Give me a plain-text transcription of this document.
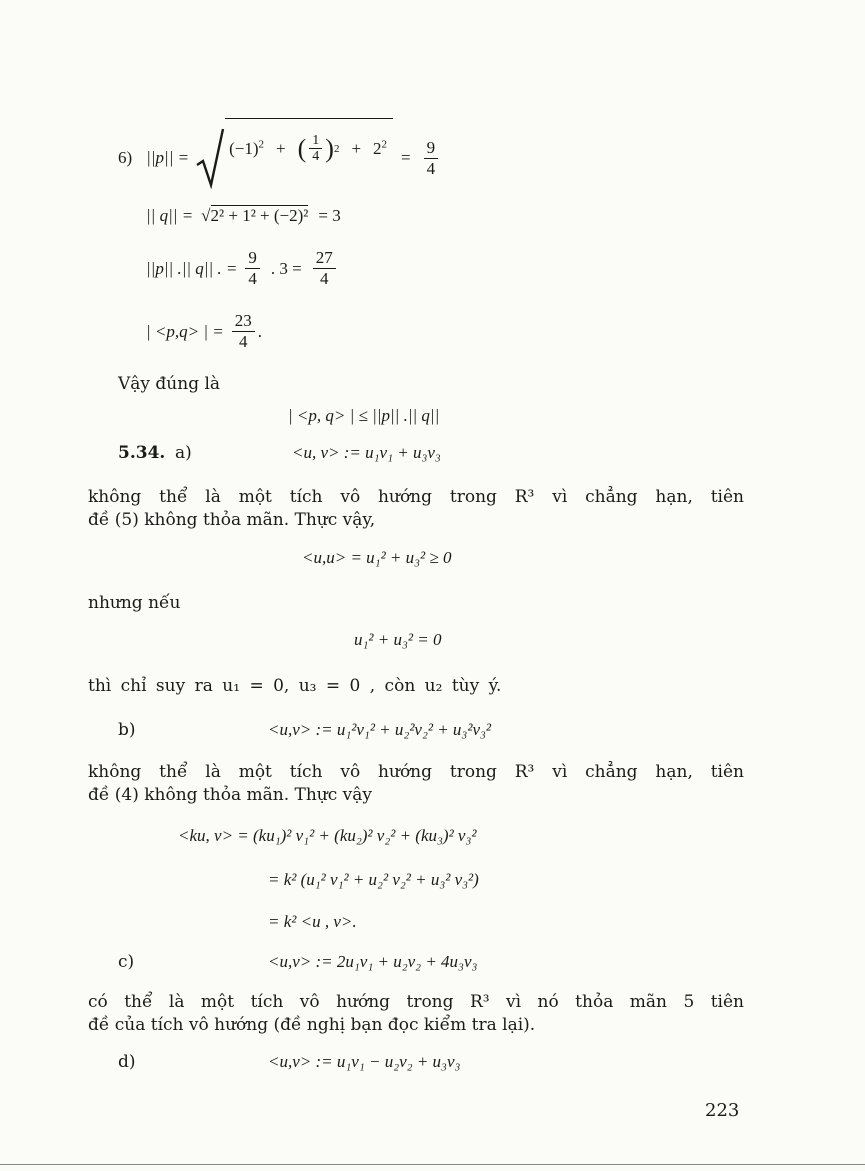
6) $||p|| = (-1)^2$ + ( $\frac{1}{4}$ ) $2 + 2^2$
= $\frac{9}{4}$
|| q|| = √ 2² + 1² + (−2)² = 3
||p|| .|| q|| . = $\frac{9}{4}$ . $3 = \frac{27}{4}$
| <p,q> | = $\frac{23}{4}$ .
Vậy đúng là
| <p, q> | ≤ ||p|| .|| q||
5.34. a)	<u, v> := u₁v₁ + u₃v₃
không thể là một tích vô hướng trong R³ vì chẳng hạn, tiên
đề (5) không thỏa mãn. Thực vậy,
<u,u> = u₁² + u₃² ≥ 0
nhưng nếu
u₁² + u₃² = 0
thì chỉ suy ra u₁ = 0, u₃ = 0 , còn u₂ tùy ý.
b)	<u,v> := u₁²v₁² + u₂²v₂² + u₃²v₃²
không thể là một tích vô hướng trong R³ vì chẳng hạn, tiên
đề (4) không thỏa mãn. Thực vậy
<ku, v> = (ku₁)² v₁² + (ku₂)² v₂² + (ku₃)² v₃²
= k² (u₁² v₁² + u₂² v₂² + u₃² v₃²)
= k² <u , v>.
c)	<u,v> := 2u₁v₁ + u₂v₂ + 4u₃v₃
có thể là một tích vô hướng trong R³ vì nó thỏa mãn 5 tiên
đề của tích vô hướng (đề nghị bạn đọc kiểm tra lại).
d)	<u,v> := u₁v₁ − u₂v₂ + u₃v₃
223
